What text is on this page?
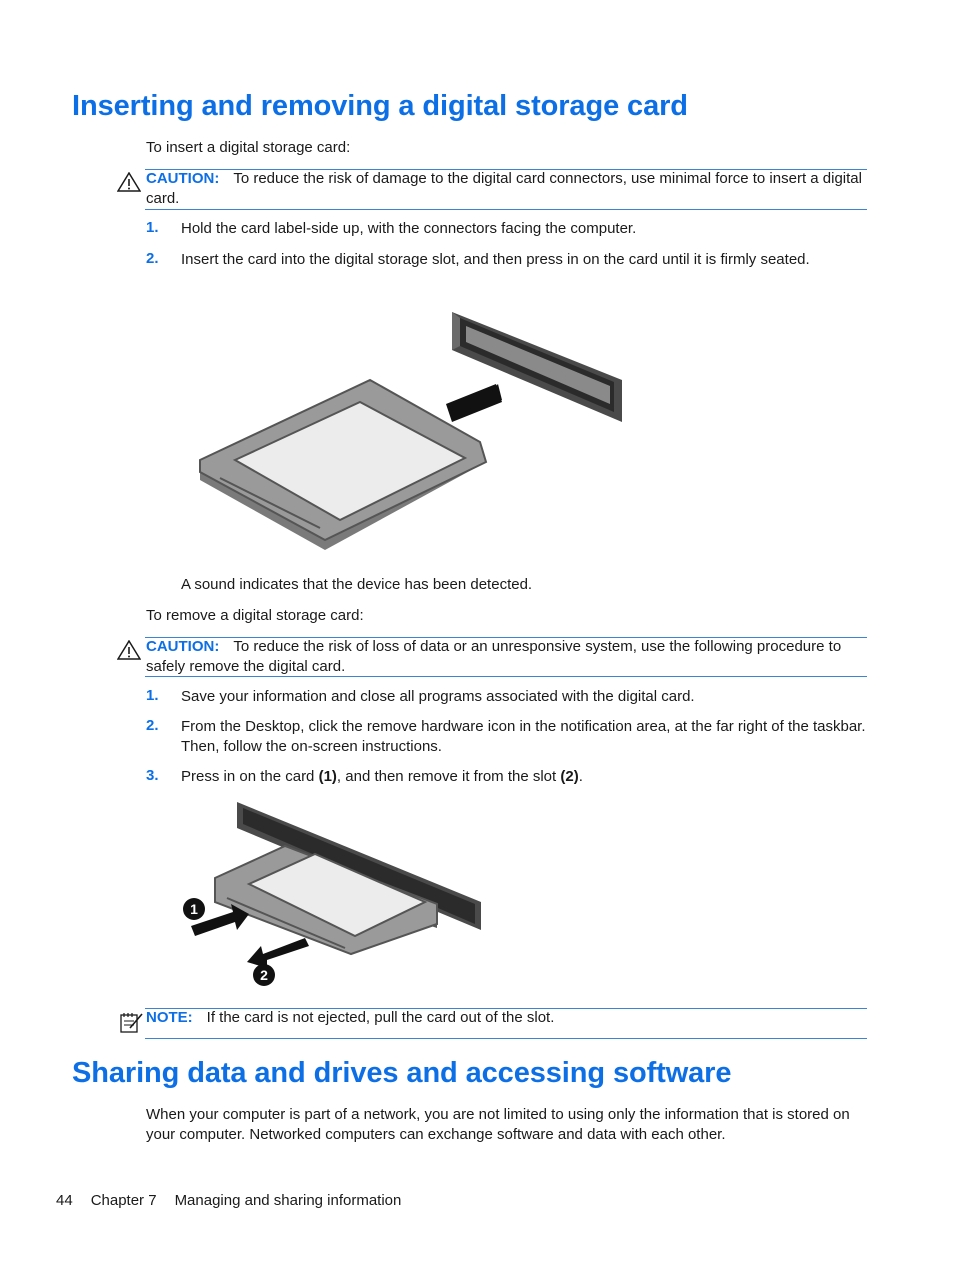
Inserting and removing a digital storage card

To insert a digital storage card:

CAUTION: To reduce the risk of damage to the digital card connectors, use minimal force to insert a digital card.

1. Hold the card label-side up, with the connectors facing the computer.

2. Insert the card into the digital storage slot, and then press in on the card until it is firmly seated.

A sound indicates that the device has been detected.

To remove a digital storage card:

CAUTION: To reduce the risk of loss of data or an unresponsive system, use the following procedure to safely remove the digital card.

1. Save your information and close all programs associated with the digital card.

2. From the Desktop, click the remove hardware icon in the notification area, at the far right of the taskbar. Then, follow the on-screen instructions.

3. Press in on the card (1), and then remove it from the slot (2).

1
2

NOTE: If the card is not ejected, pull the card out of the slot.

Sharing data and drives and accessing software

When your computer is part of a network, you are not limited to using only the information that is stored on your computer. Networked computers can exchange software and data with each other.

44 Chapter 7 Managing and sharing information
